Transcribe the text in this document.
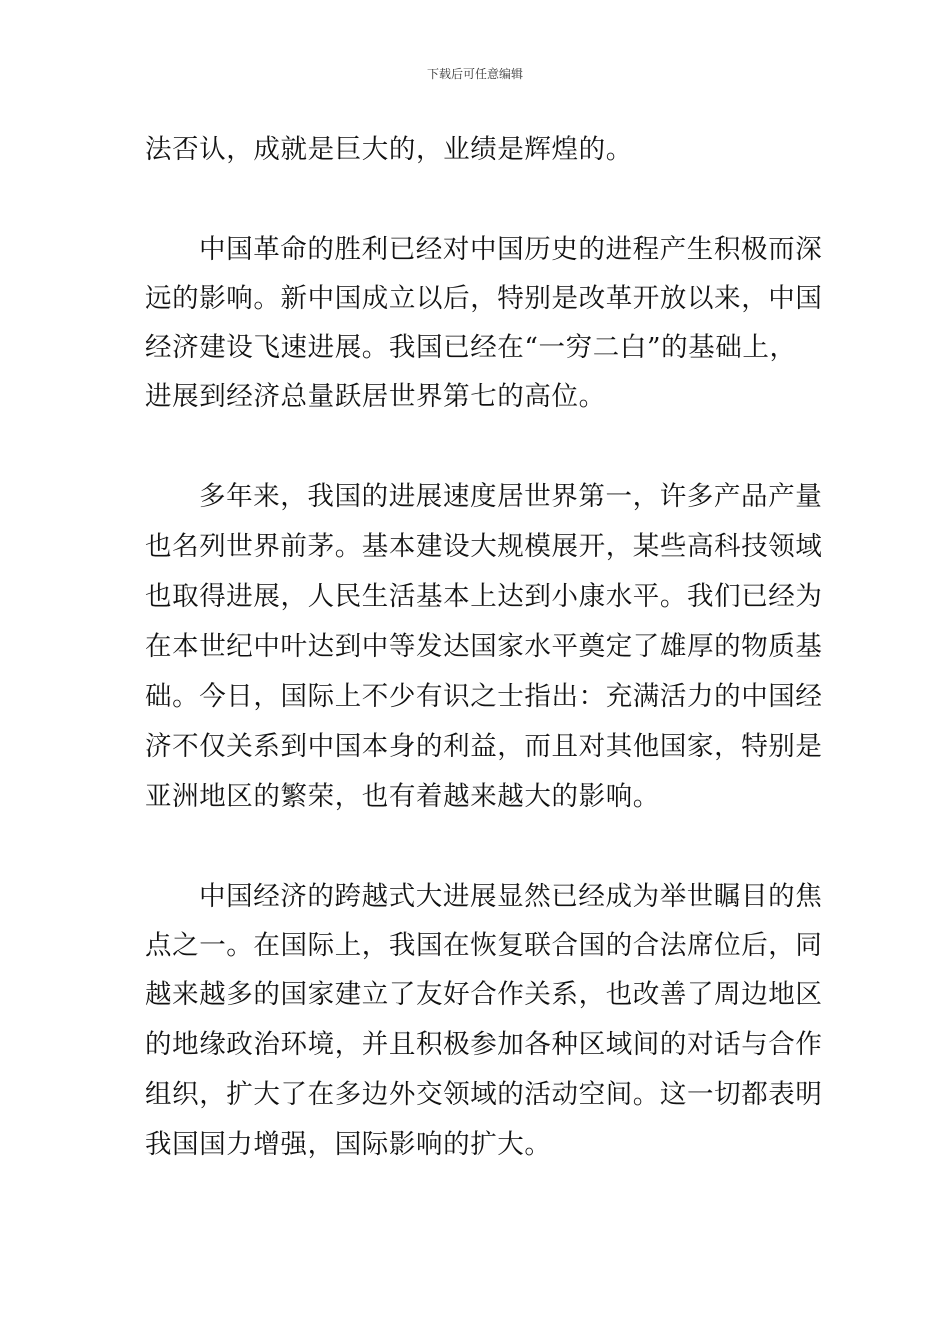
下载后可任意编辑
法否认，成就是巨大的，业绩是辉煌的。
中国革命的胜利已经对中国历史的进程产生积极而深
远的影响。新中国成立以后，特别是改革开放以来，中国
经济建设飞速进展。我国已经在“一穷二白”的基础上，
进展到经济总量跃居世界第七的高位。
多年来，我国的进展速度居世界第一，许多产品产量
也名列世界前茅。基本建设大规模展开，某些高科技领域
也取得进展，人民生活基本上达到小康水平。我们已经为
在本世纪中叶达到中等发达国家水平奠定了雄厚的物质基
础。今日，国际上不少有识之士指出：充满活力的中国经
济不仅关系到中国本身的利益，而且对其他国家，特别是
亚洲地区的繁荣，也有着越来越大的影响。
中国经济的跨越式大进展显然已经成为举世瞩目的焦
点之一。在国际上，我国在恢复联合国的合法席位后，同
越来越多的国家建立了友好合作关系，也改善了周边地区
的地缘政治环境，并且积极参加各种区域间的对话与合作
组织，扩大了在多边外交领域的活动空间。这一切都表明
我国国力增强，国际影响的扩大。
